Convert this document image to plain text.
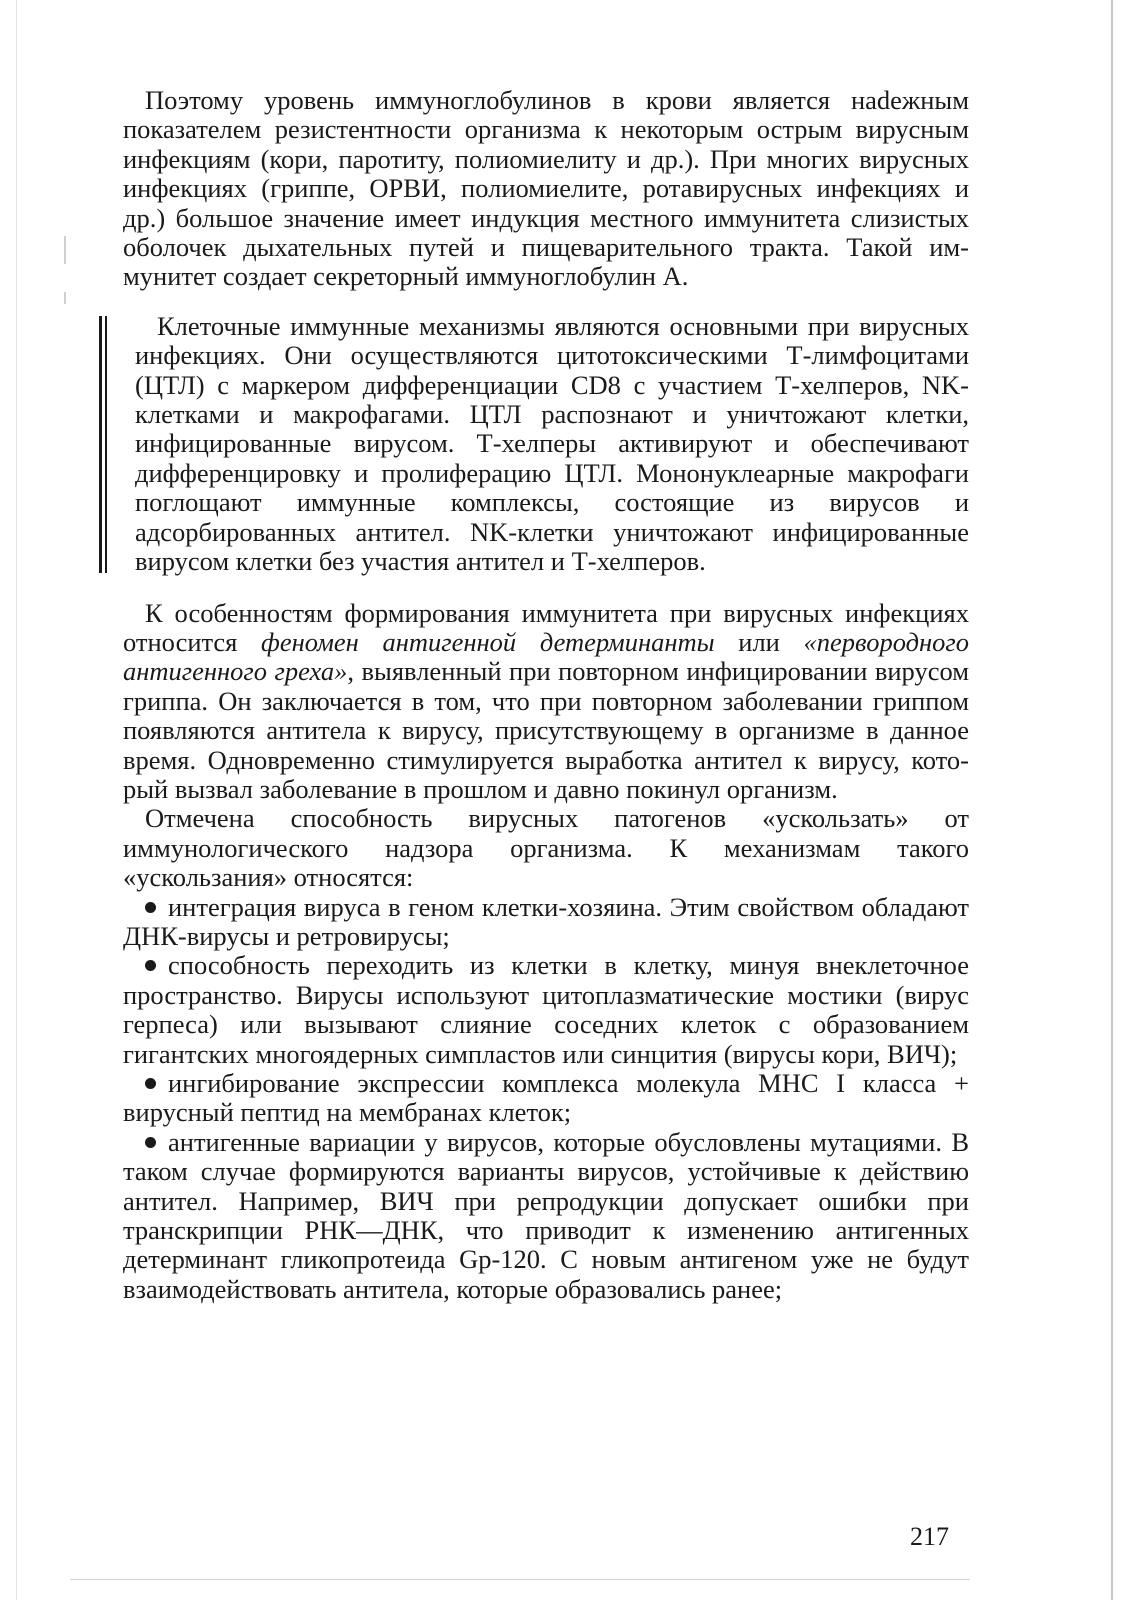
Поэтому уровень иммуноглобулинов в крови является наdежным показателем резистентности организма к некоторым острым вирусным инфекциям (кори, паротиту, полиомиелиту и др.). При многих вирусных инфекциях (гриппе, ОРВИ, полиомиелите, ротавирусных инфекциях и др.) большое значение имеет индукция местного иммунитета слизистых оболочек дыхательных путей и пищеварительного тракта. Такой иммунитет создает секреторный иммуноглобулин А.

Клеточные иммунные механизмы являются основными при вирусных инфекциях. Они осуществляются цитотоксическими Т-лимфоцитами (ЦТЛ) с маркером дифференциации CD8 с участием Т-хелперов, NK-клетками и макрофагами. ЦТЛ распознают и уничтожают клетки, инфицированные вирусом. Т-хелперы активируют и обеспечивают дифференцировку и пролиферацию ЦТЛ. Мононуклеарные макрофаги поглощают иммунные комплексы, состоящие из вирусов и адсорбированных антител. NK-клетки уничтожают инфицированные вирусом клетки без участия антител и Т-хелперов.

К особенностям формирования иммунитета при вирусных инфекциях относится феномен антигенной детерминанты или «первородного антигенного греха», выявленный при повторном инфицировании вирусом гриппа. Он заключается в том, что при повторном заболевании гриппом появляются антитела к вирусу, присутствующему в организме в данное время. Одновременно стимулируется выработка антител к вирусу, который вызвал заболевание в прошлом и давно покинул организм.

Отмечена способность вирусных патогенов «ускользать» от иммунологического надзора организма. К механизмам такого «ускользания» относятся:

интеграция вируса в геном клетки-хозяина. Этим свойством обладают ДНК-вирусы и ретровирусы;

способность переходить из клетки в клетку, минуя внеклеточное пространство. Вирусы используют цитоплазматические мостики (вирус герпеса) или вызывают слияние соседних клеток с образованием гигантских многоядерных симпластов или синцития (вирусы кори, ВИЧ);

ингибирование экспрессии комплекса молекула МНС I класса + вирусный пептид на мембранах клеток;

антигенные вариации у вирусов, которые обусловлены мутациями. В таком случае формируются варианты вирусов, устойчивые к действию антител. Например, ВИЧ при репродукции допускает ошибки при транскрипции РНК—ДНК, что приводит к изменению антигенных детерминант гликопротеида Gp-120. С новым антигеном уже не будут взаимодействовать антитела, которые образовались ранее;

217
